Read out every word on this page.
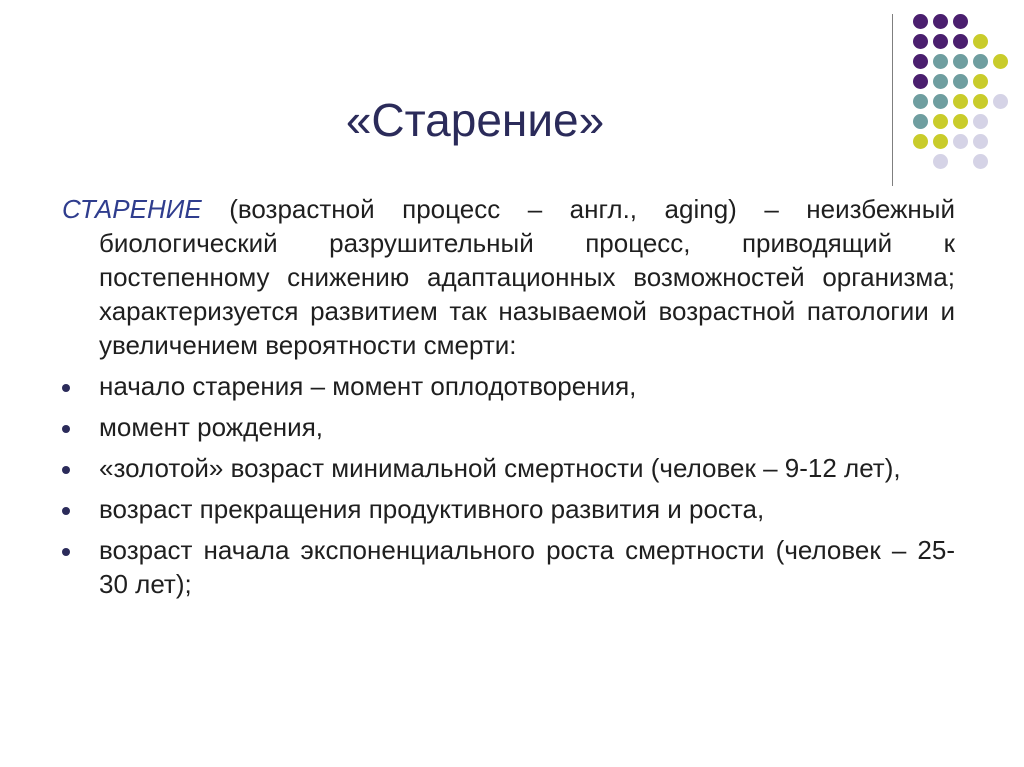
«Старение»

СТАРЕНИЕ (возрастной процесс – англ., aging) – неизбежный биологический разрушительный процесс, приводящий к постепенному снижению адаптационных возможностей организма; характеризуется развитием так называемой возрастной патологии и увеличением вероятности смерти:

начало старения – момент оплодотворения,
момент рождения,
«золотой» возраст минимальной смертности (человек – 9-12 лет),
возраст прекращения продуктивного развития и роста,
возраст начала экспоненциального роста смертности (человек – 25-30 лет);
